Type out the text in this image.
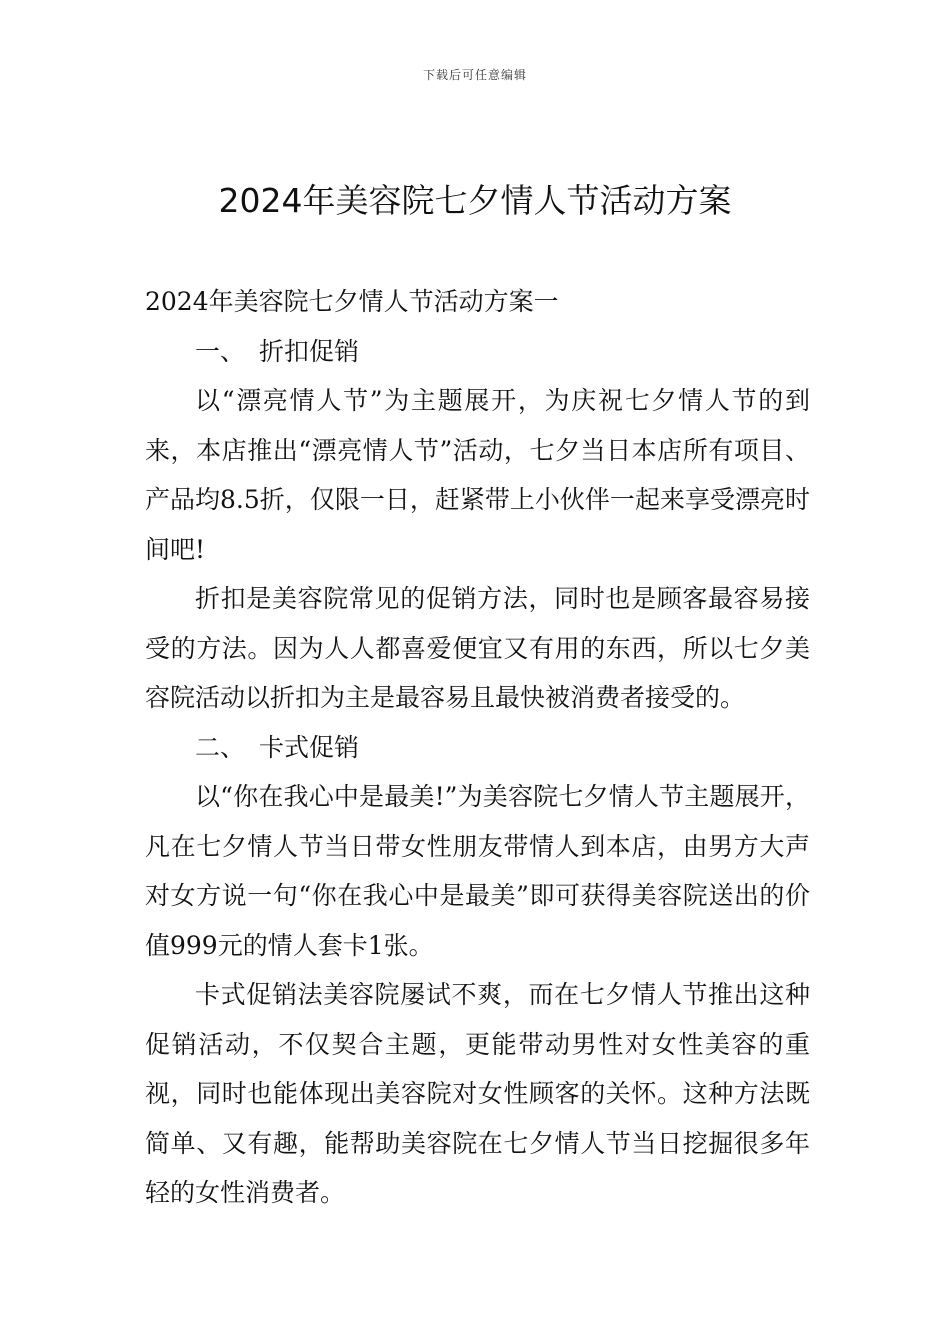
下载后可任意编辑
2024年美容院七夕情人节活动方案

2024年美容院七夕情人节活动方案一

一、 折扣促销

以“漂亮情人节”为主题展开，为庆祝七夕情人节的到来，本店推出“漂亮情人节”活动，七夕当日本店所有项目、产品均8.5折，仅限一日，赶紧带上小伙伴一起来享受漂亮时间吧!

折扣是美容院常见的促销方法，同时也是顾客最容易接受的方法。因为人人都喜爱便宜又有用的东西，所以七夕美容院活动以折扣为主是最容易且最快被消费者接受的。

二、 卡式促销

以“你在我心中是最美!”为美容院七夕情人节主题展开，凡在七夕情人节当日带女性朋友带情人到本店，由男方大声对女方说一句“你在我心中是最美”即可获得美容院送出的价值999元的情人套卡1张。

卡式促销法美容院屡试不爽，而在七夕情人节推出这种促销活动，不仅契合主题，更能带动男性对女性美容的重视，同时也能体现出美容院对女性顾客的关怀。这种方法既简单、又有趣，能帮助美容院在七夕情人节当日挖掘很多年轻的女性消费者。
